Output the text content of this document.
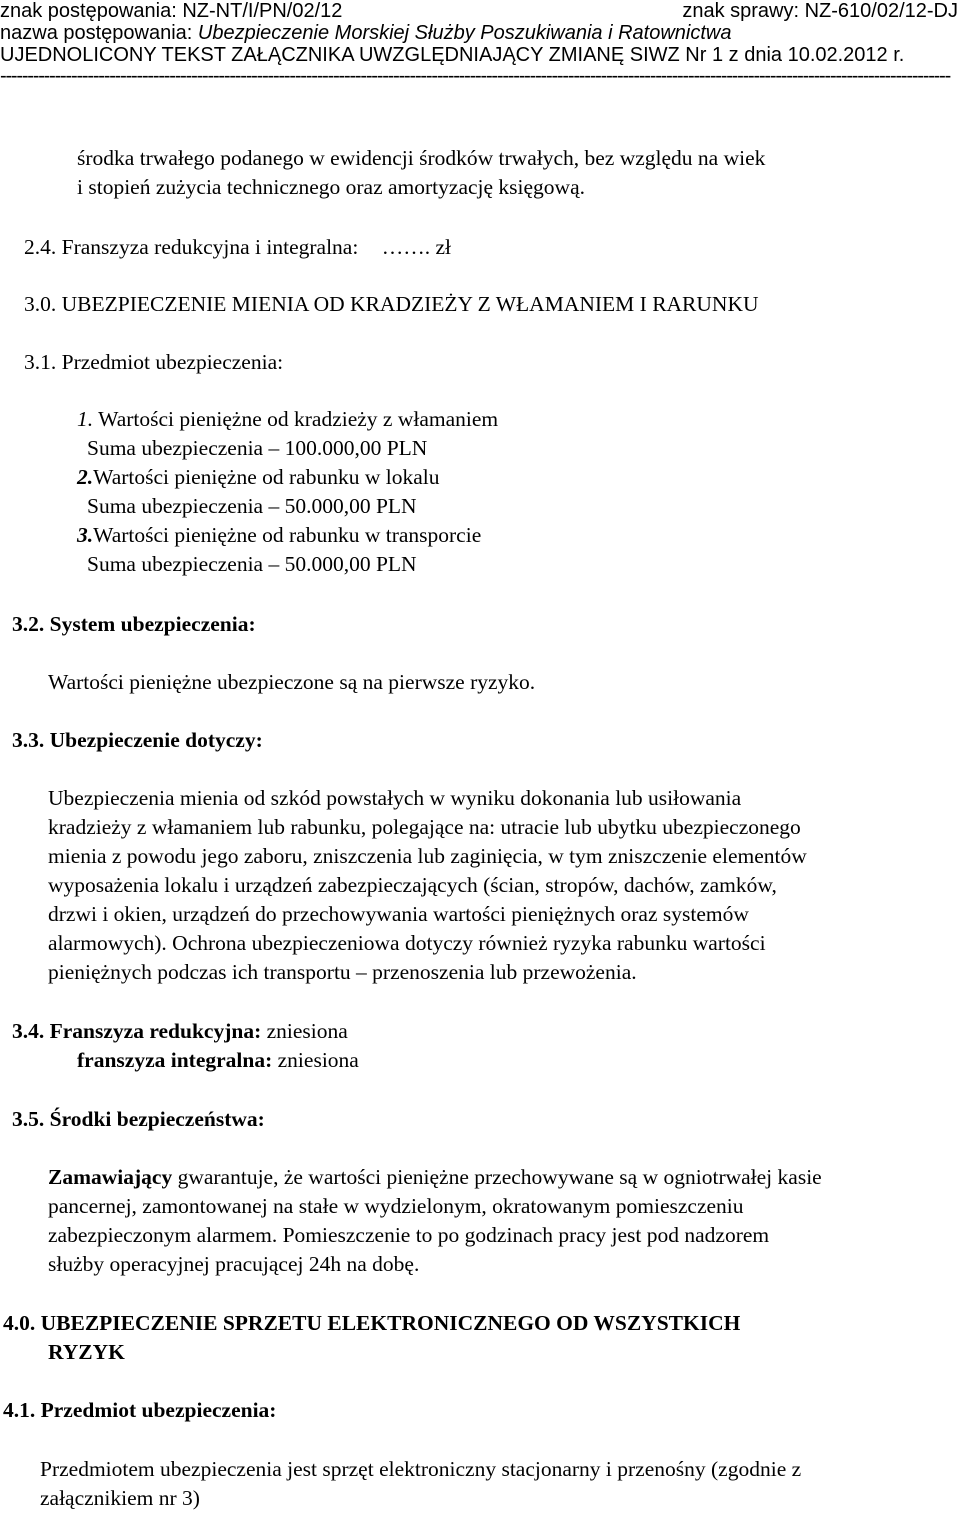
znak postępowania: NZ-NT/I/PN/02/12	znak sprawy: NZ-610/02/12-DJ
nazwa postępowania: Ubezpieczenie Morskiej Służby Poszukiwania i Ratownictwa
UJEDNOLICONY TEKST ZAŁĄCZNIKA UWZGLĘDNIAJĄCY ZMIANĘ SIWZ Nr 1 z dnia 10.02.2012 r.
------------------------------------------------------------------------------------------------------------------------------------------------------------------------------
środka trwałego podanego w ewidencji środków trwałych, bez względu na wiek
i stopień zużycia technicznego oraz amortyzację księgową.
2.4. Franszyza redukcyjna i integralna: ……. zł
3.0. UBEZPIECZENIE MIENIA OD KRADZIEŻY Z WŁAMANIEM I RARUNKU
3.1. Przedmiot ubezpieczenia:
1. Wartości pieniężne od kradzieży z włamaniem
Suma ubezpieczenia – 100.000,00 PLN
2.Wartości pieniężne od rabunku w lokalu
Suma ubezpieczenia – 50.000,00 PLN
3.Wartości pieniężne od rabunku w transporcie
Suma ubezpieczenia – 50.000,00 PLN
3.2. System ubezpieczenia:
Wartości pieniężne ubezpieczone są na pierwsze ryzyko.
3.3. Ubezpieczenie dotyczy:
Ubezpieczenia mienia od szkód powstałych w wyniku dokonania lub usiłowania
kradzieży z włamaniem lub rabunku, polegające na: utracie lub ubytku ubezpieczonego
mienia z powodu jego zaboru, zniszczenia lub zaginięcia, w tym zniszczenie elementów
wyposażenia lokalu i urządzeń zabezpieczających (ścian, stropów, dachów, zamków,
drzwi i okien, urządzeń do przechowywania wartości pieniężnych oraz systemów
alarmowych). Ochrona ubezpieczeniowa dotyczy również ryzyka rabunku wartości
pieniężnych podczas ich transportu – przenoszenia lub przewożenia.
3.4. Franszyza redukcyjna: zniesiona
franszyza integralna: zniesiona
3.5. Środki bezpieczeństwa:
Zamawiający gwarantuje, że wartości pieniężne przechowywane są w ogniotrwałej kasie
pancernej, zamontowanej na stałe w wydzielonym, okratowanym pomieszczeniu
zabezpieczonym alarmem. Pomieszczenie to po godzinach pracy jest pod nadzorem
służby operacyjnej pracującej 24h na dobę.
4.0. UBEZPIECZENIE SPRZETU ELEKTRONICZNEGO OD WSZYSTKICH
RYZYK
4.1. Przedmiot ubezpieczenia:
Przedmiotem ubezpieczenia jest sprzęt elektroniczny stacjonarny i przenośny (zgodnie z
załącznikiem nr 3)
